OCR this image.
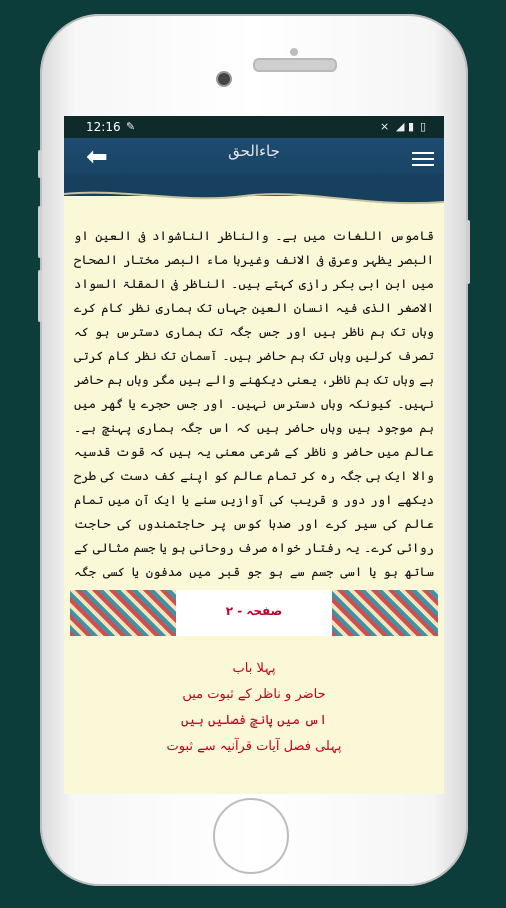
12:16 ✎	⨯ ◢ ▮ ▯
⬅	جاءالحق

قاموس اللغات میں ہے۔ والناظر الناشواد فی العین او البصر یظہر وعرق فی الانف وغیرہا ماء البصر مختار الصحاح میں ابن ابی بکر رازی کہتے ہیں۔ الناظر فی المقلۃ السواد الاصغر الذی فیہ انسان العین جہاں تک ہماری نظر کام کرے وہاں تک ہم ناظر ہیں اور جس جگہ تک ہماری دسترس ہو کہ تصرف کرلیں وہاں تک ہم حاضر ہیں۔ آسمان تک نظر کام کرتی ہے وہاں تک ہم ناظر، یعنی دیکھنے والے ہیں مگر وہاں ہم حاضر نہیں۔ کیونکہ وہاں دسترس نہیں۔ اور جس حجرے یا گھر میں ہم موجود ہیں وہاں حاضر ہیں کہ اس جگہ ہماری پہنچ ہے۔ عالم میں حاضر و ناظر کے شرعی معنی یہ ہیں کہ قوت قدسیہ والا ایک ہی جگہ رہ کر تمام عالم کو اپنے کف دست کی طرح دیکھے اور دور و قریب کی آوازیں سنے یا ایک آن میں تمام عالم کی سیر کرے اور صدہا کوس پر حاجتمندوں کی حاجت روائی کرے۔ یہ رفتار خواہ صرف روحانی ہو یا جسم مثالی کے ساتھ ہو یا اسی جسم سے ہو جو قبر میں مدفون یا کسی جگہ

صفحہ - ۲
پہلا باب
حاضر و ناظر کے ثبوت میں
اس میں پانچ فصلیں ہیں
پہلی فصل آیات قرآنیہ سے ثبوت
